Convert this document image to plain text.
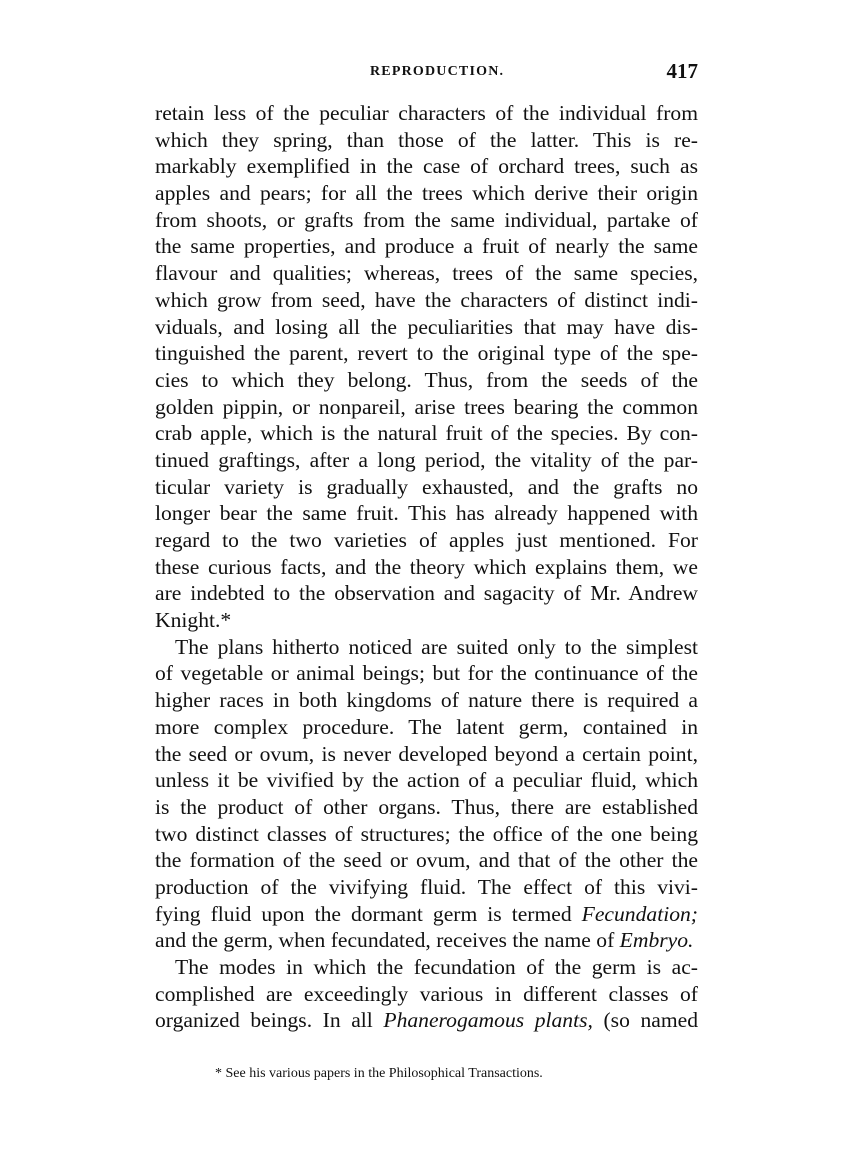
REPRODUCTION.	417
retain less of the peculiar characters of the individual from
which they spring, than those of the latter. This is re-
markably exemplified in the case of orchard trees, such as
apples and pears; for all the trees which derive their origin
from shoots, or grafts from the same individual, partake of
the same properties, and produce a fruit of nearly the same
flavour and qualities; whereas, trees of the same species,
which grow from seed, have the characters of distinct indi-
viduals, and losing all the peculiarities that may have dis-
tinguished the parent, revert to the original type of the spe-
cies to which they belong. Thus, from the seeds of the
golden pippin, or nonpareil, arise trees bearing the common
crab apple, which is the natural fruit of the species. By con-
tinued graftings, after a long period, the vitality of the par-
ticular variety is gradually exhausted, and the grafts no
longer bear the same fruit. This has already happened with
regard to the two varieties of apples just mentioned. For
these curious facts, and the theory which explains them, we
are indebted to the observation and sagacity of Mr. Andrew
Knight.*
The plans hitherto noticed are suited only to the simplest
of vegetable or animal beings; but for the continuance of the
higher races in both kingdoms of nature there is required a
more complex procedure. The latent germ, contained in
the seed or ovum, is never developed beyond a certain point,
unless it be vivified by the action of a peculiar fluid, which
is the product of other organs. Thus, there are established
two distinct classes of structures; the office of the one being
the formation of the seed or ovum, and that of the other the
production of the vivifying fluid. The effect of this vivi-
fying fluid upon the dormant germ is termed Fecundation;
and the germ, when fecundated, receives the name of Embryo.
The modes in which the fecundation of the germ is ac-
complished are exceedingly various in different classes of
organized beings. In all Phanerogamous plants, (so named
* See his various papers in the Philosophical Transactions.
